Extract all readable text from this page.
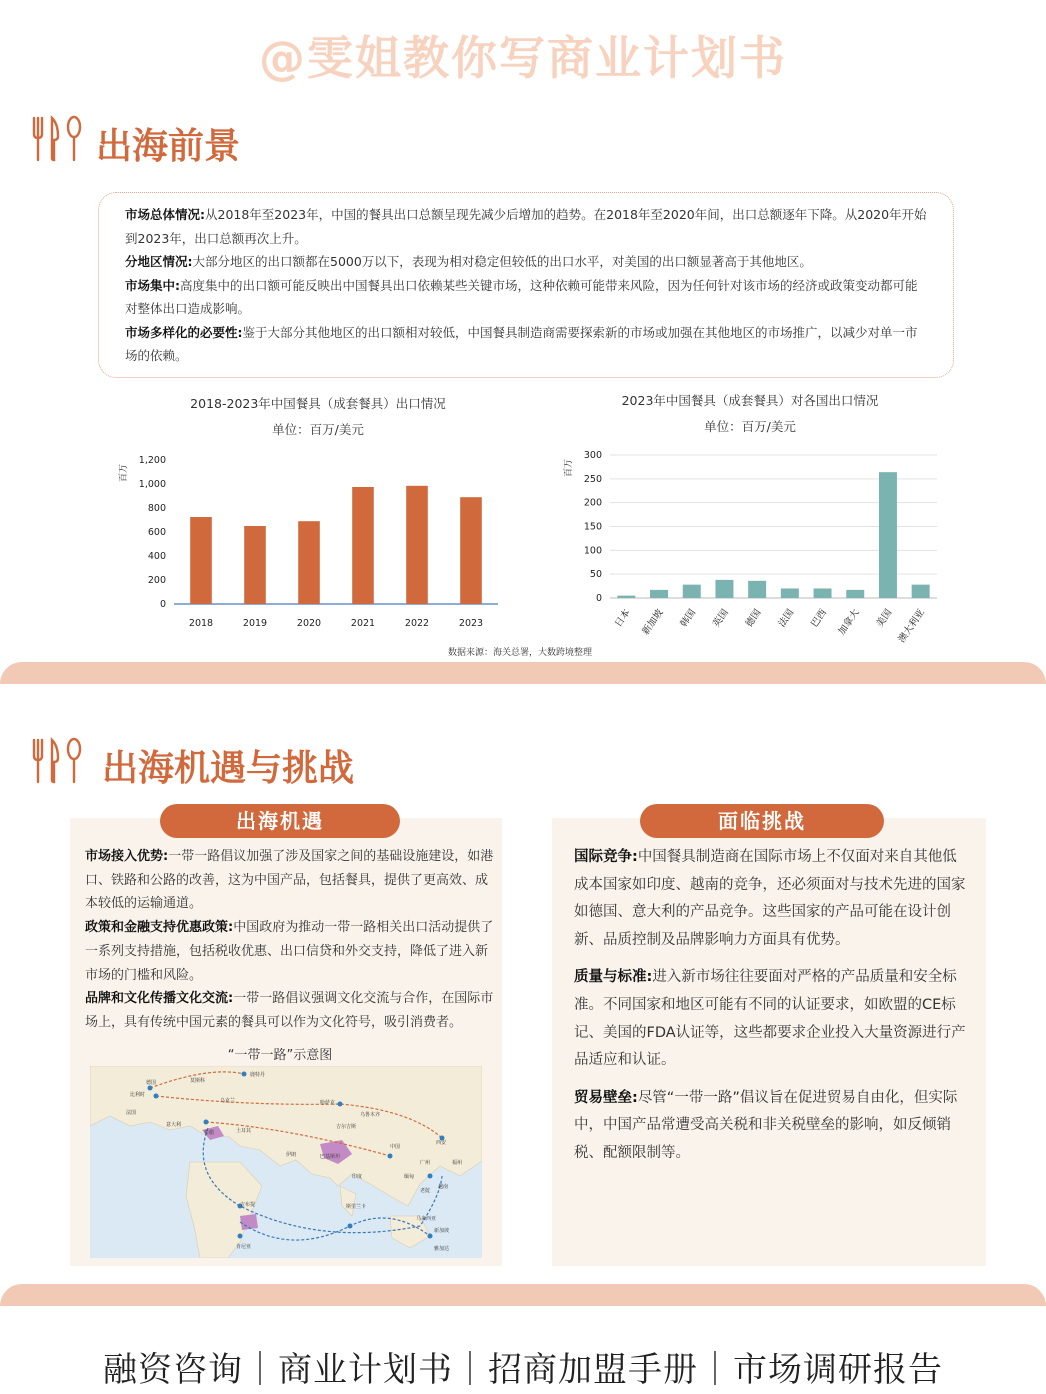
@雯姐教你写商业计划书
出海前景
市场总体情况:从2018年至2023年，中国的餐具出口总额呈现先减少后增加的趋势。在2018年至2020年间，出口总额逐年下降。从2020年开始到2023年，出口总额再次上升。
分地区情况:大部分地区的出口额都在5000万以下，表现为相对稳定但较低的出口水平，对美国的出口额显著高于其他地区。
市场集中:高度集中的出口额可能反映出中国餐具出口依赖某些关键市场，这种依赖可能带来风险，因为任何针对该市场的经济或政策变动都可能对整体出口造成影响。
市场多样化的必要性:鉴于大部分其他地区的出口额相对较低，中国餐具制造商需要探索新的市场或加强在其他地区的市场推广，以减少对单一市场的依赖。
2018-2023年中国餐具（成套餐具）出口情况
单位：百万/美元
百万
0
200
400
600
800
1,000
1,200
2018	2019	2020	2021	2022	2023
2023年中国餐具（成套餐具）对各国出口情况
单位：百万/美元
百万
0
50
100
150
200
250
300
日本 新加坡 韩国 英国 德国 法国 巴西 加拿大 美国 澳大利亚
数据来源：海关总署，大数跨境整理
出海机遇与挑战
出海机遇

市场接入优势:一带一路倡议加强了涉及国家之间的基础设施建设，如港口、铁路和公路的改善，这为中国产品，包括餐具，提供了更高效、成本较低的运输通道。

政策和金融支持优惠政策:中国政府为推动一带一路相关出口活动提供了一系列支持措施，包括税收优惠、出口信贷和外交支持，降低了进入新市场的门槛和风险。

品牌和文化传播文化交流:一带一路倡议强调文化交流与合作，在国际市场上，具有传统中国元素的餐具可以作为文化符号，吸引消费者。

“一带一路”示意图
鹿特丹
德国
比利时
法国
意大利
希腊	土耳其
莫斯科
乌克兰	哈萨克
中国
西安
福州
广州
伊朗	巴基斯坦
印度
斯里兰卡
缅甸
老挝
越南
马来西亚
新加坡
雅加达
肯尼亚
吉布提
乌鲁木齐
吉尔吉斯
面临挑战

国际竞争:中国餐具制造商在国际市场上不仅面对来自其他低成本国家如印度、越南的竞争，还必须面对与技术先进的国家如德国、意大利的产品竞争。这些国家的产品可能在设计创新、品质控制及品牌影响力方面具有优势。

质量与标准:进入新市场往往要面对严格的产品质量和安全标准。不同国家和地区可能有不同的认证要求，如欧盟的CE标记、美国的FDA认证等，这些都要求企业投入大量资源进行产品适应和认证。

贸易壁垒:尽管“一带一路”倡议旨在促进贸易自由化，但实际中，中国产品常遭受高关税和非关税壁垒的影响，如反倾销税、配额限制等。

融资咨询｜商业计划书｜招商加盟手册｜市场调研报告
